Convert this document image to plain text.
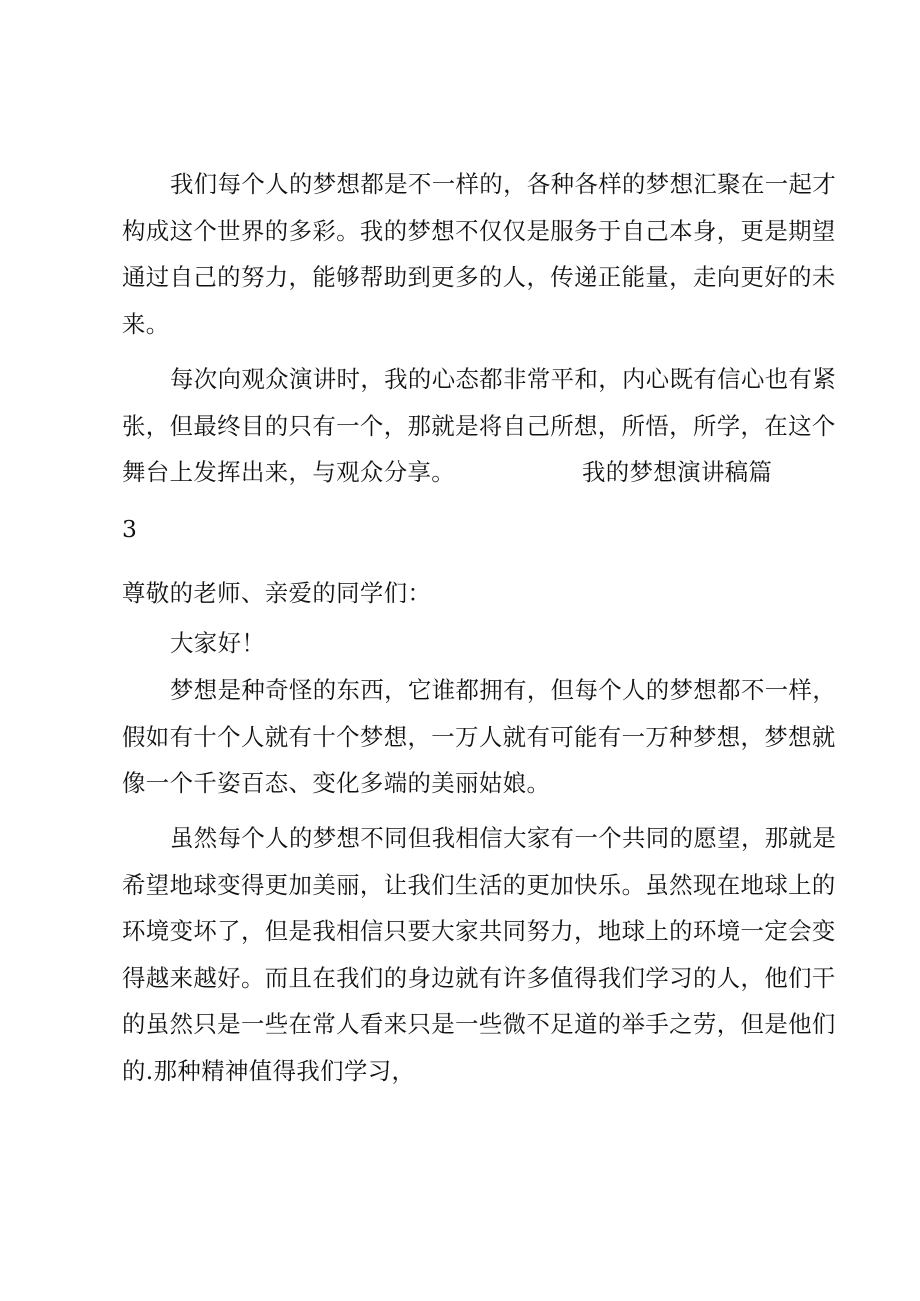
我们每个人的梦想都是不一样的，各种各样的梦想汇聚在一起才
构成这个世界的多彩。我的梦想不仅仅是服务于自己本身，更是期望
通过自己的努力，能够帮助到更多的人，传递正能量，走向更好的未
来。

每次向观众演讲时，我的心态都非常平和，内心既有信心也有紧
张，但最终目的只有一个，那就是将自己所想，所悟，所学，在这个
舞台上发挥出来，与观众分享。	我的梦想演讲稿篇

3

尊敬的老师、亲爱的同学们：

大家好！

梦想是种奇怪的东西，它谁都拥有，但每个人的梦想都不一样，
假如有十个人就有十个梦想，一万人就有可能有一万种梦想，梦想就
像一个千姿百态、变化多端的美丽姑娘。

虽然每个人的梦想不同但我相信大家有一个共同的愿望，那就是
希望地球变得更加美丽，让我们生活的更加快乐。虽然现在地球上的
环境变坏了，但是我相信只要大家共同努力，地球上的环境一定会变
得越来越好。而且在我们的身边就有许多值得我们学习的人，他们干
的虽然只是一些在常人看来只是一些微不足道的举手之劳，但是他们
的.那种精神值得我们学习，
